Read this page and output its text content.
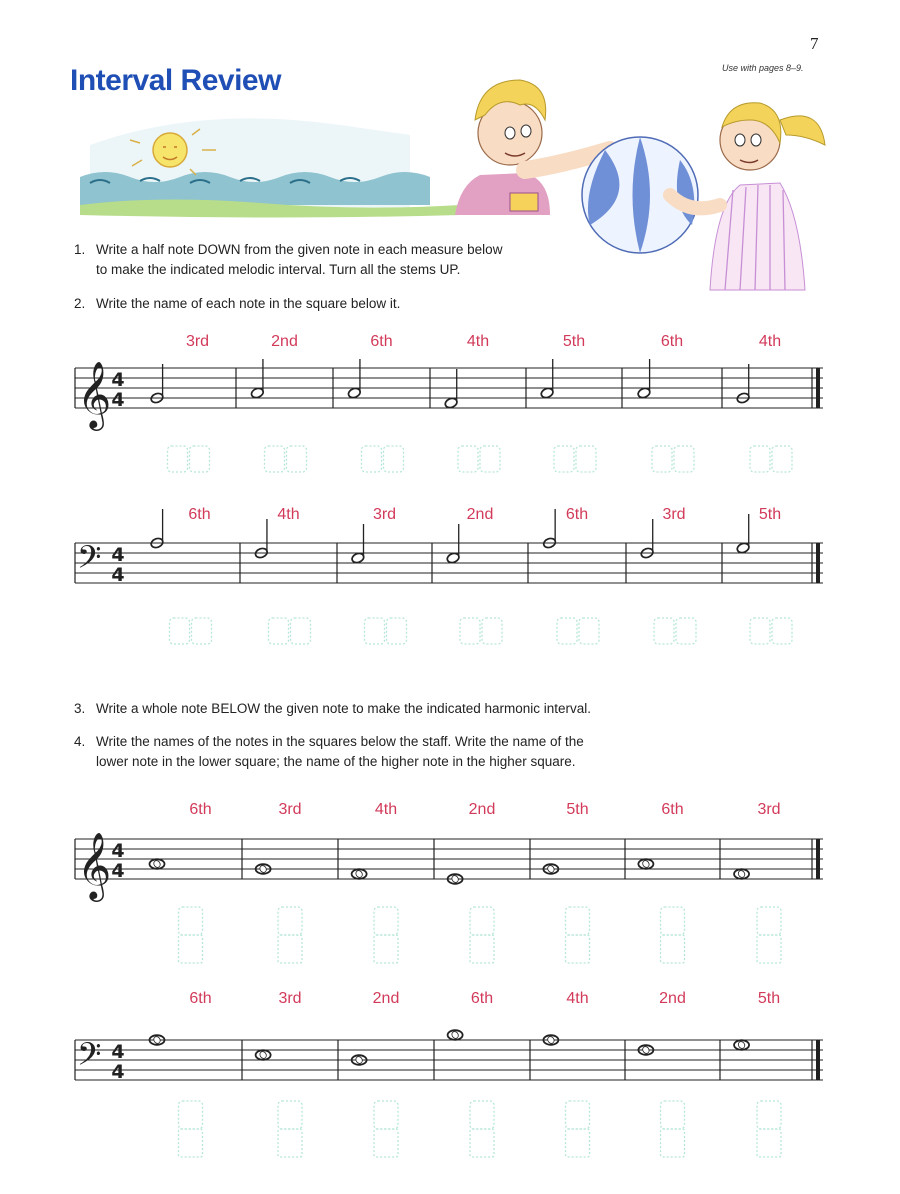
7
Use with pages 8–9.
Interval Review
1. Write a half note DOWN from the given note in each measure below
to make the indicated melodic interval. Turn all the stems UP.
2. Write the name of each note in the square below it.
3. Write a whole note BELOW the given note to make the indicated harmonic interval.
4. Write the names of the notes in the squares below the staff. Write the name of the
lower note in the lower square; the name of the higher note in the higher square.
3rd	2nd	6th	4th	5th	6th	4th
6th	4th	3rd	2nd	6th	3rd	5th
6th	3rd	4th	2nd	5th	6th	3rd
6th	3rd	2nd	6th	4th	2nd	5th
𝄞 4
4
𝄢 4
4
𝄞 4
4
𝄢 4
4
